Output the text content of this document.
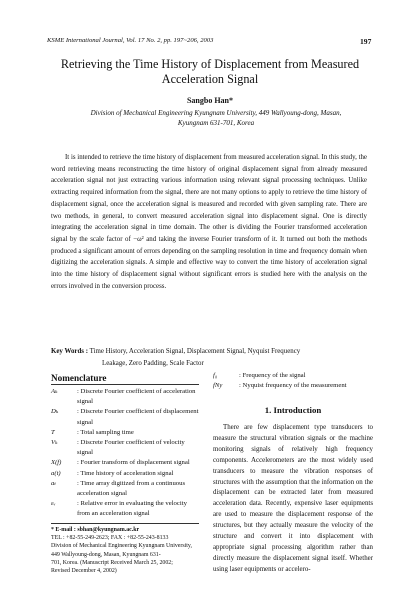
KSME International Journal, Vol. 17 No. 2, pp. 197~206, 2003	197
Retrieving the Time History of Displacement from Measured
Acceleration Signal
Sangbo Han*
Division of Mechanical Engineering Kyungnam University, 449 Wallyoung-dong, Masan, Kyungnam 631-701, Korea

It is intended to retrieve the time history of displacement from measured acceleration signal. In this study, the word retrieving means reconstructing the time history of original displacement signal from already measured acceleration signal not just extracting various information using relevant signal processing techniques. Unlike extracting required information from the signal, there are not many options to apply to retrieve the time history of displacement signal, once the acceleration signal is measured and recorded with given sampling rate. There are two methods, in general, to convert measured acceleration signal into displacement signal. One is directly integrating the acceleration signal in time domain. The other is dividing the Fourier transformed acceleration signal by the scale factor of −ω² and taking the inverse Fourier transform of it. It turned out both the methods produced a significant amount of errors depending on the sampling resolution in time and frequency domain when digitizing the acceleration signals. A simple and effective way to convert the time history of acceleration signal into the time history of displacement signal without significant errors is studied here with the analysis on the errors involved in the conversion process.

Key Words : Time History, Acceleration Signal, Displacement Signal, Nyquist Frequency
Leakage, Zero Padding, Scale Factor
Nomenclature
Aₖ	: Discrete Fourier coefficient of acceleration signal
Dₖ	: Discrete Fourier coefficient of displacement signal
T	: Total sampling time
Vₖ	: Discrete Fourier coefficient of velocity signal
X(f)	: Fourier transform of displacement signal
a(t)	: Time history of acceleration signal
aₜ	: Time array digitized from a continuous acceleration signal
εᵥ	: Relative error in evaluating the velocity from an acceleration signal
f₀	: Frequency of the signal
fNy	: Nyquist frequency of the measurement
1. Introduction

There are few displacement type transducers to measure the structural vibration signals or the machine monitoring signals of relatively high frequency components. Accelerometers are the most widely used transducers to measure the vibration responses of structures with the assumption that the information on the displacement can be extracted later from measured acceleration data. Recently, expensive laser equipments are used to measure the displacement response of the structures, but they actually measure the velocity of the structure and convert it into displacement with appropriate signal processing algorithm rather than directly measure the displacement signal itself. Whether using laser equipments or accelero-

* E-mail : sbhan@kyungnam.ac.kr
TEL : +82-55-249-2623; FAX : +82-55-243-8133
Division of Mechanical Engineering Kyungnam University, 449 Wallyoung-dong, Masan, Kyungnam 631-
701, Korea. (Manuscript Received March 25, 2002;
Revised December 4, 2002)
